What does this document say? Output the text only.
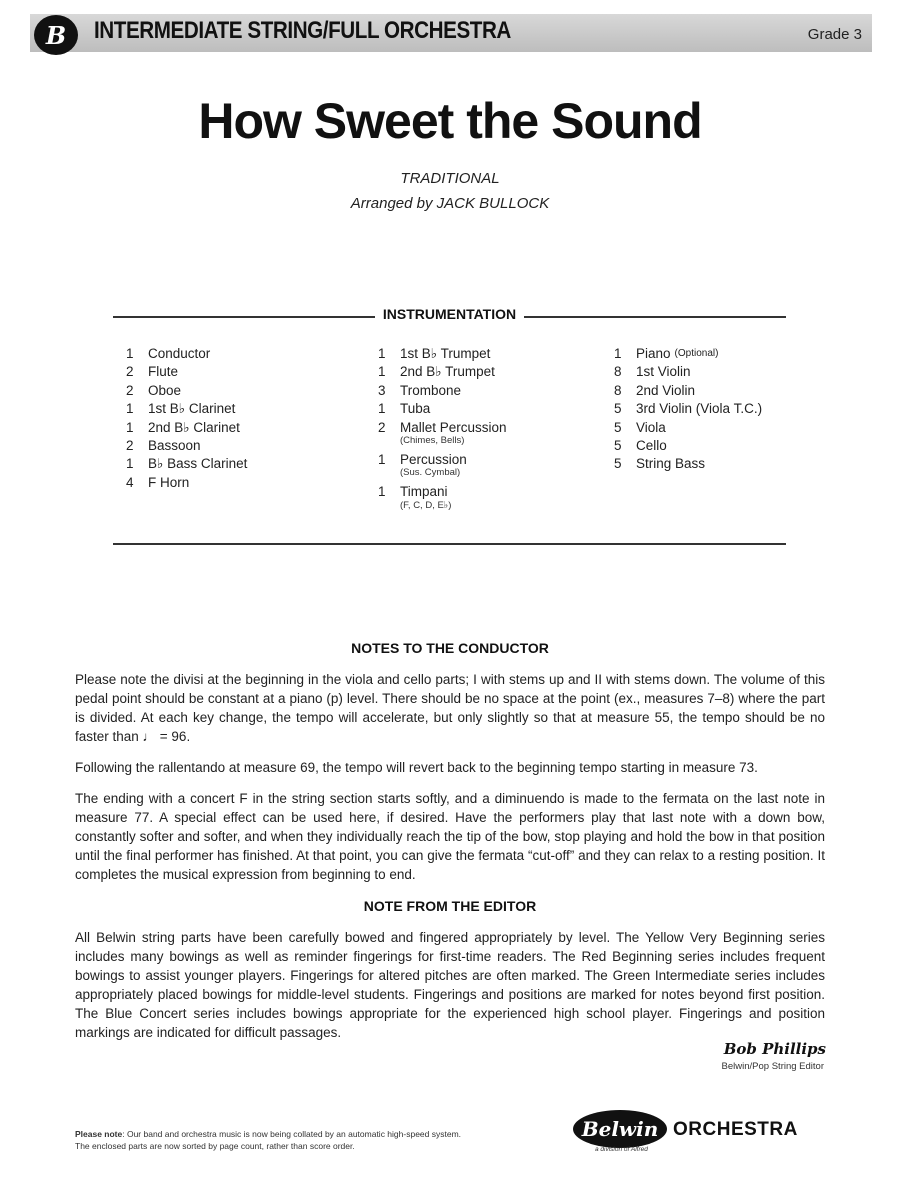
B	INTERMEDIATE STRING/FULL ORCHESTRA	Grade 3
How Sweet the Sound
TRADITIONAL
Arranged by JACK BULLOCK
INSTRUMENTATION
1	Conductor
2	Flute
2	Oboe
1	1st B♭ Clarinet
1	2nd B♭ Clarinet
2	Bassoon
1	B♭ Bass Clarinet
4	F Horn
1	1st B♭ Trumpet
1	2nd B♭ Trumpet
3	Trombone
1	Tuba
2	Mallet Percussion
(Chimes, Bells)
1	Percussion
(Sus. Cymbal)
1	Timpani
(F, C, D, E♭)
1	Piano (Optional)
8	1st Violin
8	2nd Violin
5	3rd Violin (Viola T.C.)
5	Viola
5	Cello
5	String Bass
NOTES TO THE CONDUCTOR
Please note the divisi at the beginning in the viola and cello parts; I with stems up and II with stems down. The volume of this pedal point should be constant at a piano (p) level. There should be no space at the point (ex., measures 7–8) where the part is divided. At each key change, the tempo will accelerate, but only slightly so that at measure 55, the tempo should be no faster than ♩ = 96.
Following the rallentando at measure 69, the tempo will revert back to the beginning tempo starting in measure 73.
The ending with a concert F in the string section starts softly, and a diminuendo is made to the fermata on the last note in measure 77. A special effect can be used here, if desired. Have the performers play that last note with a down bow, constantly softer and softer, and when they individually reach the tip of the bow, stop playing and hold the bow in that position until the final performer has finished. At that point, you can give the fermata “cut-off” and they can relax to a resting position. It completes the musical expression from beginning to end.
NOTE FROM THE EDITOR
All Belwin string parts have been carefully bowed and fingered appropriately by level. The Yellow Very Beginning series includes many bowings as well as reminder fingerings for first-time readers. The Red Beginning series includes frequent bowings to assist younger players. Fingerings for altered pitches are often marked. The Green Intermediate series includes appropriately placed bowings for middle-level students. Fingerings and positions are marked for notes beyond first position. The Blue Concert series includes bowings appropriate for the experienced high school player. Fingerings and position markings are indicated for difficult passages.
Bob Phillips
Belwin/Pop String Editor
Please note: Our band and orchestra music is now being collated by an automatic high-speed system.
The enclosed parts are now sorted by page count, rather than score order.
Belwin ORCHESTRA
a division of Alfred
